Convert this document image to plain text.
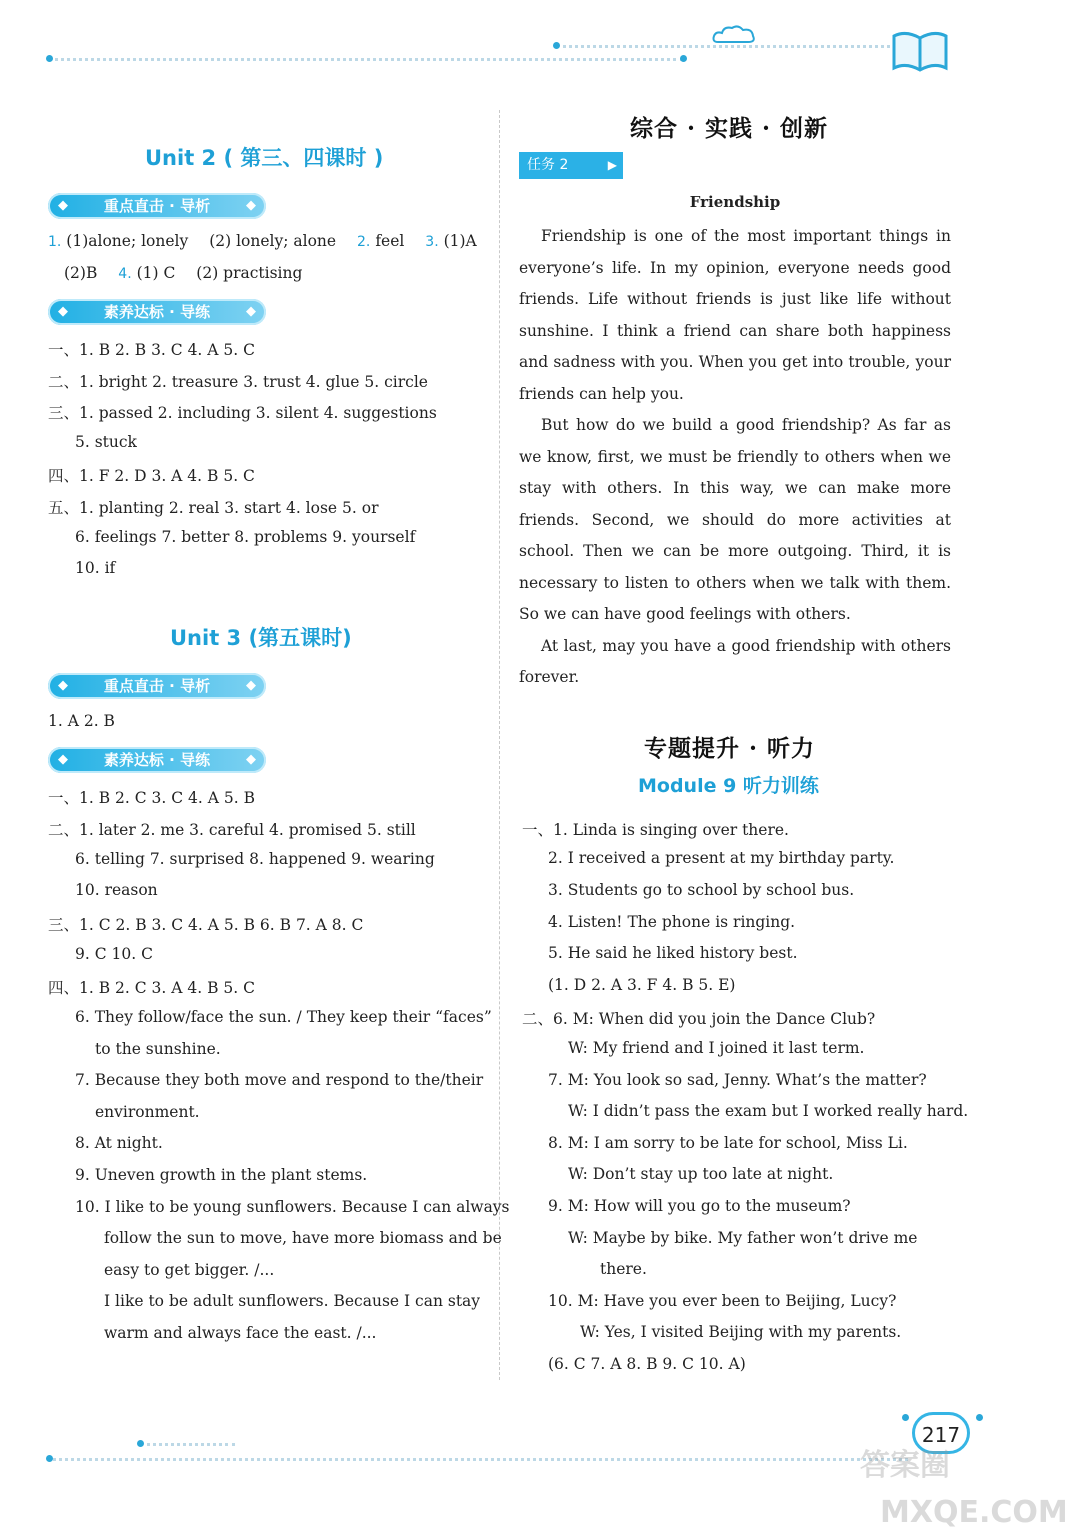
Unit 2 ( 第三、四课时 )
◆	重点直击 · 导析	◆
1. (1)alone; lonely (2) lonely; alone 2. feel 3. (1)A
(2)B 4. (1) C (2) practising
◆	素养达标 · 导练	◆
一、1. B 2. B 3. C 4. A 5. C
二、1. bright 2. treasure 3. trust 4. glue 5. circle
三、1. passed 2. including 3. silent 4. suggestions
5. stuck
四、1. F 2. D 3. A 4. B 5. C
五、1. planting 2. real 3. start 4. lose 5. or
6. feelings 7. better 8. problems 9. yourself
10. if
Unit 3 (第五课时)
◆	重点直击 · 导析	◆
1. A 2. B
◆	素养达标 · 导练	◆
一、1. B 2. C 3. C 4. A 5. B
二、1. later 2. me 3. careful 4. promised 5. still
6. telling 7. surprised 8. happened 9. wearing
10. reason
三、1. C 2. B 3. C 4. A 5. B 6. B 7. A 8. C
9. C 10. C
四、1. B 2. C 3. A 4. B 5. C
6. They follow/face the sun. / They keep their “faces”
to the sunshine.
7. Because they both move and respond to the/their
environment.
8. At night.
9. Uneven growth in the plant stems.
10. I like to be young sunflowers. Because I can always
follow the sun to move, have more biomass and be
easy to get bigger. /...
I like to be adult sunflowers. Because I can stay
warm and always face the east. /...
综合 · 实践 · 创新
任务 2	▶
Friendship

Friendship is one of the most important things in everyone’s life. In my opinion, everyone needs good friends. Life without friends is just like life without sunshine. I think a friend can share both happiness and sadness with you. When you get into trouble, your friends can help you.

But how do we build a good friendship? As far as we know, first, we must be friendly to others when we stay with others. In this way, we can make more friends. Second, we should do more activities at school. Then we can be more outgoing. Third, it is necessary to listen to others when we talk with them. So we can have good feelings with others.

At last, may you have a good friendship with others forever.

专题提升 · 听力
Module 9 听力训练
一、1. Linda is singing over there.
2. I received a present at my birthday party.
3. Students go to school by school bus.
4. Listen! The phone is ringing.
5. He said he liked history best.
(1. D 2. A 3. F 4. B 5. E)
二、6. M: When did you join the Dance Club?
W: My friend and I joined it last term.
7. M: You look so sad, Jenny. What’s the matter?
W: I didn’t pass the exam but I worked really hard.
8. M: I am sorry to be late for school, Miss Li.
W: Don’t stay up too late at night.
9. M: How will you go to the museum?
W: Maybe by bike. My father won’t drive me
there.
10. M: Have you ever been to Beijing, Lucy?
W: Yes, I visited Beijing with my parents.
(6. C 7. A 8. B 9. C 10. A)
217
答案圈
MXQE.COM
